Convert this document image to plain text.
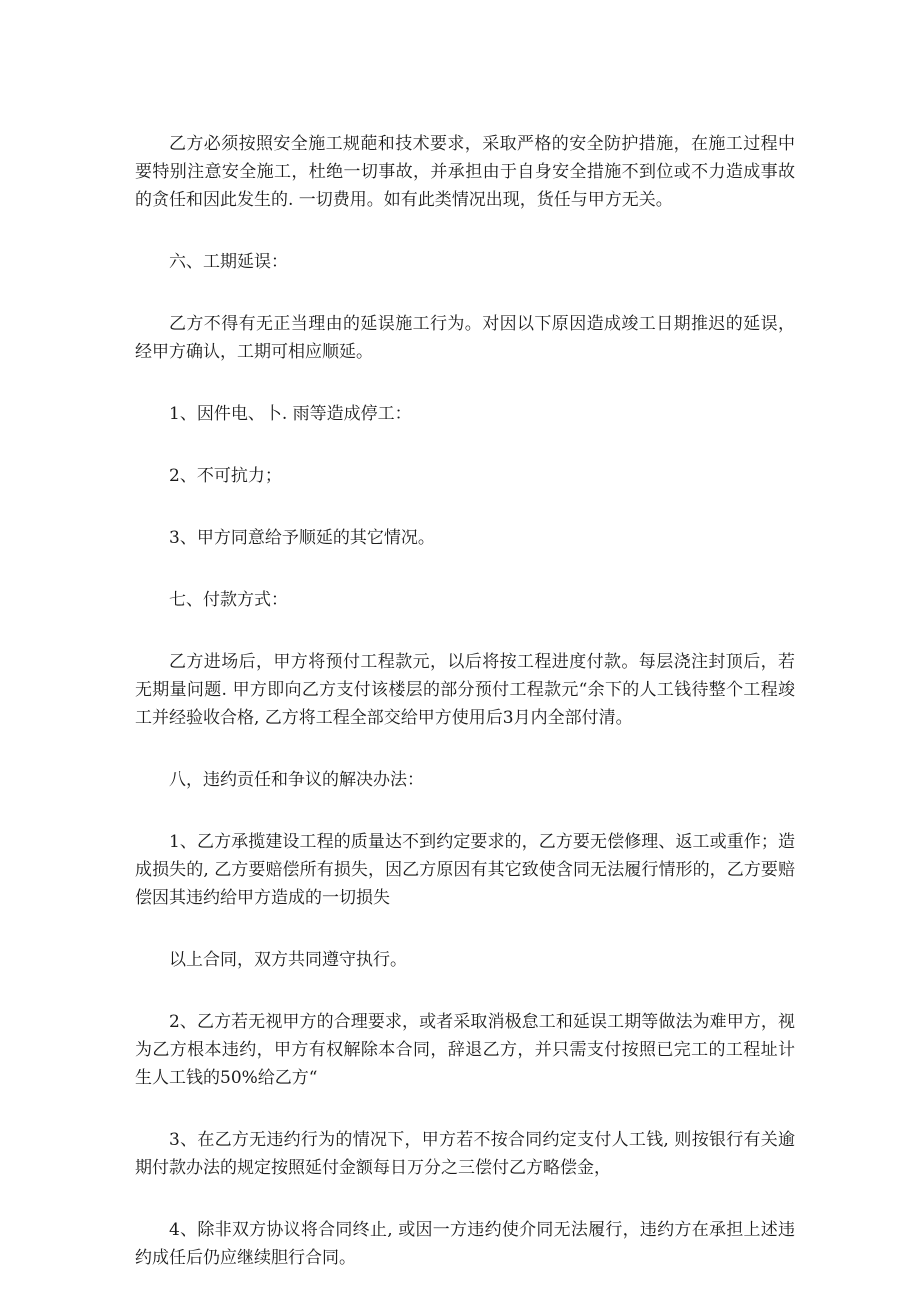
乙方必须按照安全施工规葩和技术要求，采取严格的安全防护措施，在施工过程中要特别注意安全施工，杜绝一切事故，并承担由于自身安全措施不到位或不力造成事故的贪任和因此发生的. 一切费用。如有此类情况出现，货任与甲方无关。

六、工期延误：

乙方不得有无正当理由的延误施工行为。对因以下原因造成竣工日期推迟的延误，经甲方确认，工期可相应顺延。

1、因件电、卜. 雨等造成停工：

2、不可抗力；

3、甲方同意给予顺延的其它情况。

七、付款方式：

乙方进场后，甲方将预付工程款元，以后将按工程进度付款。每层浇注封顶后，若无期量问题. 甲方即向乙方支付该楼层的部分预付工程款元“余下的人工钱待整个工程竣工并经验收合格, 乙方将工程全部交给甲方使用后3月内全部付清。

八，违约贡任和争议的解决办法：

1、乙方承揽建设工程的质量达不到约定要求的，乙方要无偿修理、返工或重作；造成损失的, 乙方要赔偿所有损失，因乙方原因有其它致使含同无法履行情形的，乙方要赔偿因其违约给甲方造成的一切损失

以上合同，双方共同遵守执行。

2、乙方若无视甲方的合理要求，或者采取消极怠工和延误工期等做法为难甲方，视为乙方根本违约，甲方有权解除本合同，辞退乙方，并只需支付按照已完工的工程址计生人工钱的50%给乙方“

3、在乙方无违约行为的情况下，甲方若不按合同约定支付人工钱, 则按银行有关逾期付款办法的规定按照延付金额每日万分之三偿付乙方略偿金，

4、除非双方协议将合同终止, 或因一方违约使介同无法履行，违约方在承担上述违约成任后仍应继续胆行合同。
